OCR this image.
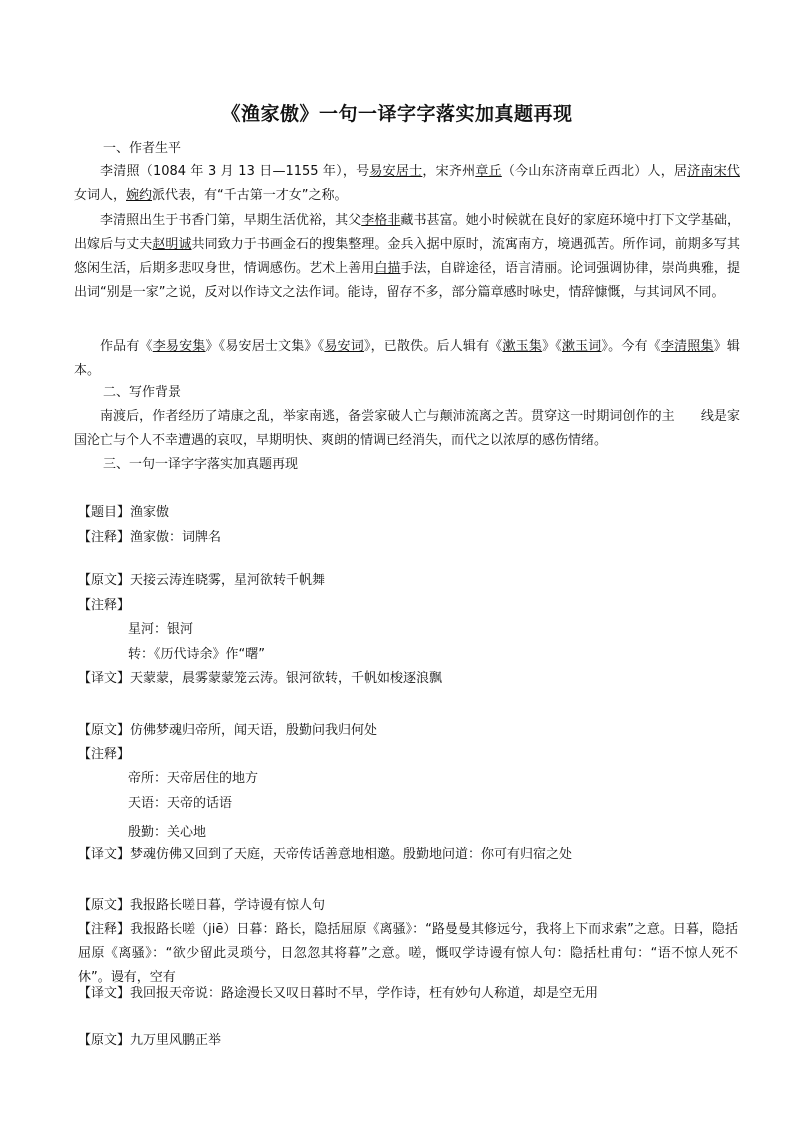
《渔家傲》一句一译字字落实加真题再现
一、作者生平
李清照（1084 年 3 月 13 日—1155 年），号易安居士，宋齐州章丘（今山东济南章丘西北）人，居济南宋代女词人，婉约派代表，有“千古第一才女”之称。
李清照出生于书香门第，早期生活优裕，其父李格非藏书甚富。她小时候就在良好的家庭环境中打下文学基础，出嫁后与丈夫赵明诚共同致力于书画金石的搜集整理。金兵入据中原时，流寓南方，境遇孤苦。所作词，前期多写其悠闲生活，后期多悲叹身世，情调感伤。艺术上善用白描手法，自辟途径，语言清丽。论词强调协律，崇尚典雅，提出词“别是一家”之说，反对以作诗文之法作词。能诗，留存不多，部分篇章感时咏史，情辞慷慨，与其词风不同。
作品有《李易安集》《易安居士文集》《易安词》，已散佚。后人辑有《漱玉集》《漱玉词》。今有《李清照集》辑本。
二、写作背景
南渡后，作者经历了靖康之乱，举家南逃，备尝家破人亡与颠沛流离之苦。贯穿这一时期词创作的主　　线是家国沦亡与个人不幸遭遇的哀叹，早期明快、爽朗的情调已经消失，而代之以浓厚的感伤情绪。
三、一句一译字字落实加真题再现
【题目】渔家傲
【注释】渔家傲：词牌名
【原文】天接云涛连晓雾，星河欲转千帆舞
【注释】
星河：银河
转：《历代诗余》作“曙”
【译文】天蒙蒙，晨雾蒙蒙笼云涛。银河欲转，千帆如梭逐浪飘
【原文】仿佛梦魂归帝所，闻天语，殷勤问我归何处
【注释】
帝所：天帝居住的地方
天语：天帝的话语
殷勤：关心地
【译文】梦魂仿佛又回到了天庭，天帝传话善意地相邀。殷勤地问道：你可有归宿之处
【原文】我报路长嗟日暮，学诗谩有惊人句
【注释】我报路长嗟（jiē）日暮：路长，隐括屈原《离骚》：“路曼曼其修远兮，我将上下而求索”之意。日暮，隐括屈原《离骚》：“欲少留此灵琐兮，日忽忽其将暮”之意。嗟，慨叹学诗谩有惊人句：隐括杜甫句：“语不惊人死不休”。谩有，空有
【译文】我回报天帝说：路途漫长又叹日暮时不早，学作诗，枉有妙句人称道，却是空无用
【原文】九万里风鹏正举
